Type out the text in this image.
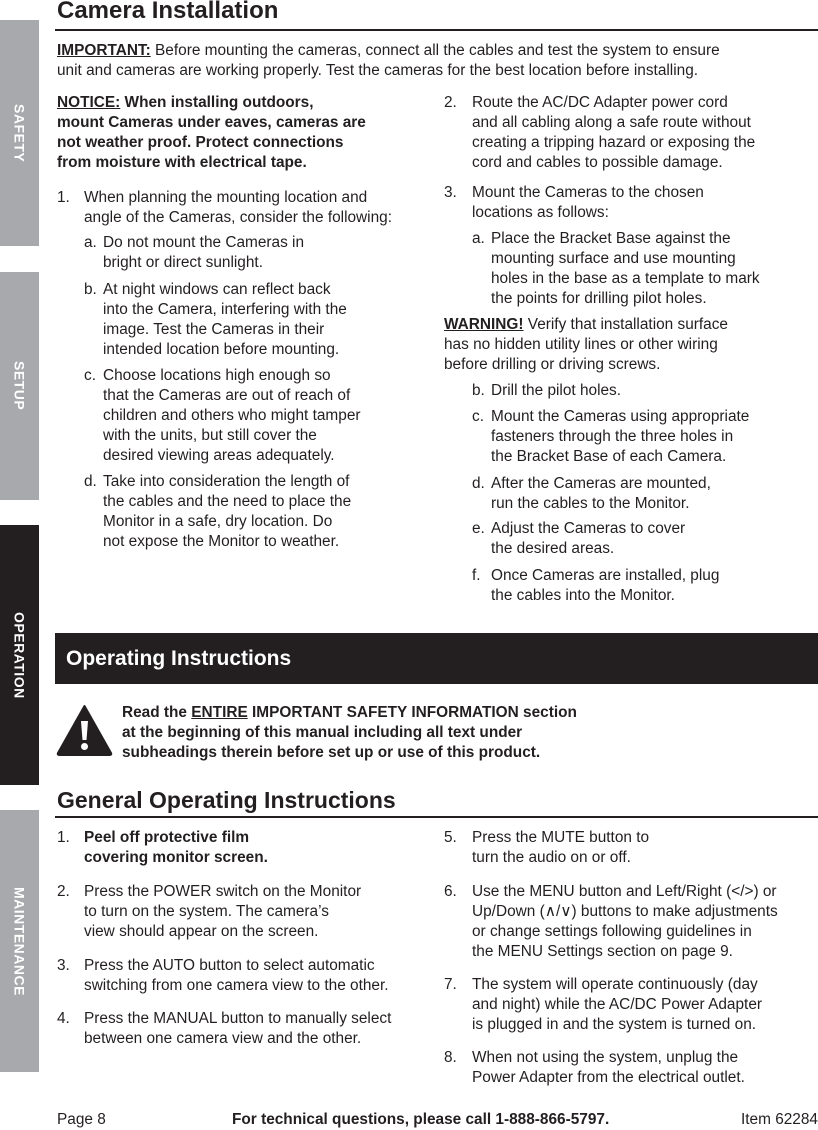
SAFETY
SETUP
OPERATION
MAINTENANCE
Camera Installation
IMPORTANT: Before mounting the cameras, connect all the cables and test the system to ensure
unit and cameras are working properly. Test the cameras for the best location before installing.
NOTICE: When installing outdoors,
mount Cameras under eaves, cameras are
not weather proof. Protect connections
from moisture with electrical tape.
1. When planning the mounting location and
angle of the Cameras, consider the following:
a. Do not mount the Cameras in
bright or direct sunlight.
b. At night windows can reflect back
into the Camera, interfering with the
image. Test the Cameras in their
intended location before mounting.
c. Choose locations high enough so
that the Cameras are out of reach of
children and others who might tamper
with the units, but still cover the
desired viewing areas adequately.
d. Take into consideration the length of
the cables and the need to place the
Monitor in a safe, dry location. Do
not expose the Monitor to weather.
2. Route the AC/DC Adapter power cord
and all cabling along a safe route without
creating a tripping hazard or exposing the
cord and cables to possible damage.
3. Mount the Cameras to the chosen
locations as follows:
a. Place the Bracket Base against the
mounting surface and use mounting
holes in the base as a template to mark
the points for drilling pilot holes.
WARNING! Verify that installation surface
has no hidden utility lines or other wiring
before drilling or driving screws.
b. Drill the pilot holes.
c. Mount the Cameras using appropriate
fasteners through the three holes in
the Bracket Base of each Camera.
d. After the Cameras are mounted,
run the cables to the Monitor.
e. Adjust the Cameras to cover
the desired areas.
f. Once Cameras are installed, plug
the cables into the Monitor.
Operating Instructions
Read the ENTIRE IMPORTANT SAFETY INFORMATION section
at the beginning of this manual including all text under
subheadings therein before set up or use of this product.
General Operating Instructions
1. Peel off protective film
covering monitor screen.
2. Press the POWER switch on the Monitor
to turn on the system. The camera’s
view should appear on the screen.
3. Press the AUTO button to select automatic
switching from one camera view to the other.
4. Press the MANUAL button to manually select
between one camera view and the other.
5. Press the MUTE button to
turn the audio on or off.
6. Use the MENU button and Left/Right (</>) or
Up/Down (∧/∨) buttons to make adjustments
or change settings following guidelines in
the MENU Settings section on page 9.
7. The system will operate continuously (day
and night) while the AC/DC Power Adapter
is plugged in and the system is turned on.
8. When not using the system, unplug the
Power Adapter from the electrical outlet.
Page 8	For technical questions, please call 1-888-866-5797.	Item 62284
